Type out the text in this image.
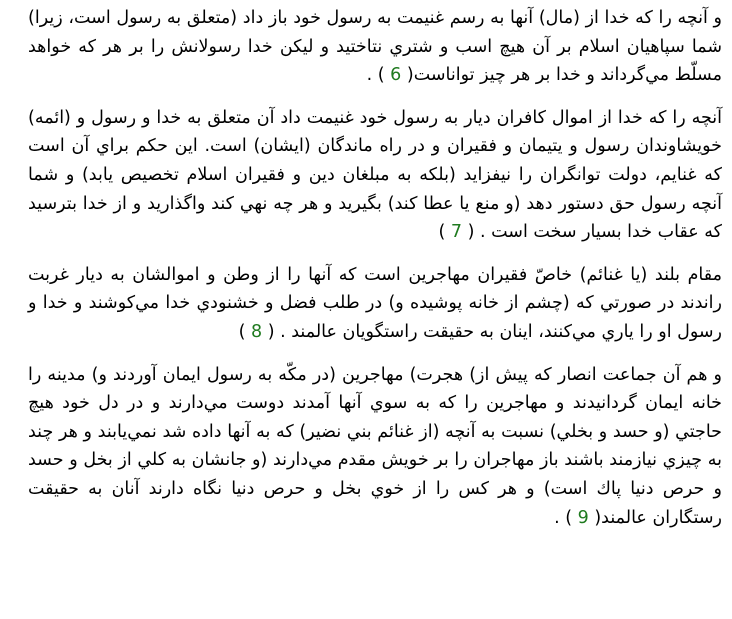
و آنچه را كه خدا از (مال) آنها به رسم غنيمت به رسول خود باز داد (متعلق به رسول است، زيرا) شما سپاهيان اسلام بر آن هيچ اسب و شتري نتاختيد و ليكن خدا رسولانش را بر هر كه خواهد مسلّط مي‌گرداند و خدا بر هر چيز تواناست( 6 ) .

آنچه را كه خدا از اموال كافران ديار به رسول خود غنيمت داد آن متعلق به خدا و رسول و (ائمه) خويشاوندان رسول و يتيمان و فقيران و در راه ماندگان (ايشان) است. اين حكم براي آن است كه غنايم، دولت توانگران را نيفزايد (بلكه به مبلغان دين و فقيران اسلام تخصيص يابد) و شما آنچه رسول حق دستور دهد (و منع يا عطا كند) بگيريد و هر چه نهي كند واگذاريد و از خدا بترسيد كه عقاب خدا بسيار سخت است . ( 7 )

مقام بلند (يا غنائم) خاصّ فقيران مهاجرين است كه آنها را از وطن و اموالشان به ديار غربت راندند در صورتي كه (چشم از خانه پوشيده و) در طلب فضل و خشنودي خدا مي‌كوشند و خدا و رسول او را ياري مي‌كنند، اينان به حقيقت راستگويان عالمند . ( 8 )

و هم آن جماعت انصار كه پيش از) هجرت) مهاجرين (در مكّه به رسول ايمان آوردند و) مدينه را خانه ايمان گردانيدند و مهاجرين را كه به سوي آنها آمدند دوست مي‌دارند و در دل خود هيچ حاجتي (و حسد و بخلي) نسبت به آنچه (از غنائم بني نضير) كه به آنها داده شد نمي‌يابند و هر چند به چيزي نيازمند باشند باز مهاجران را بر خويش مقدم مي‌دارند (و جانشان به كلي از بخل و حسد و حرص دنيا پاك است) و هر كس را از خوي بخل و حرص دنيا نگاه دارند آنان به حقيقت رستگاران عالمند( 9 ) .
